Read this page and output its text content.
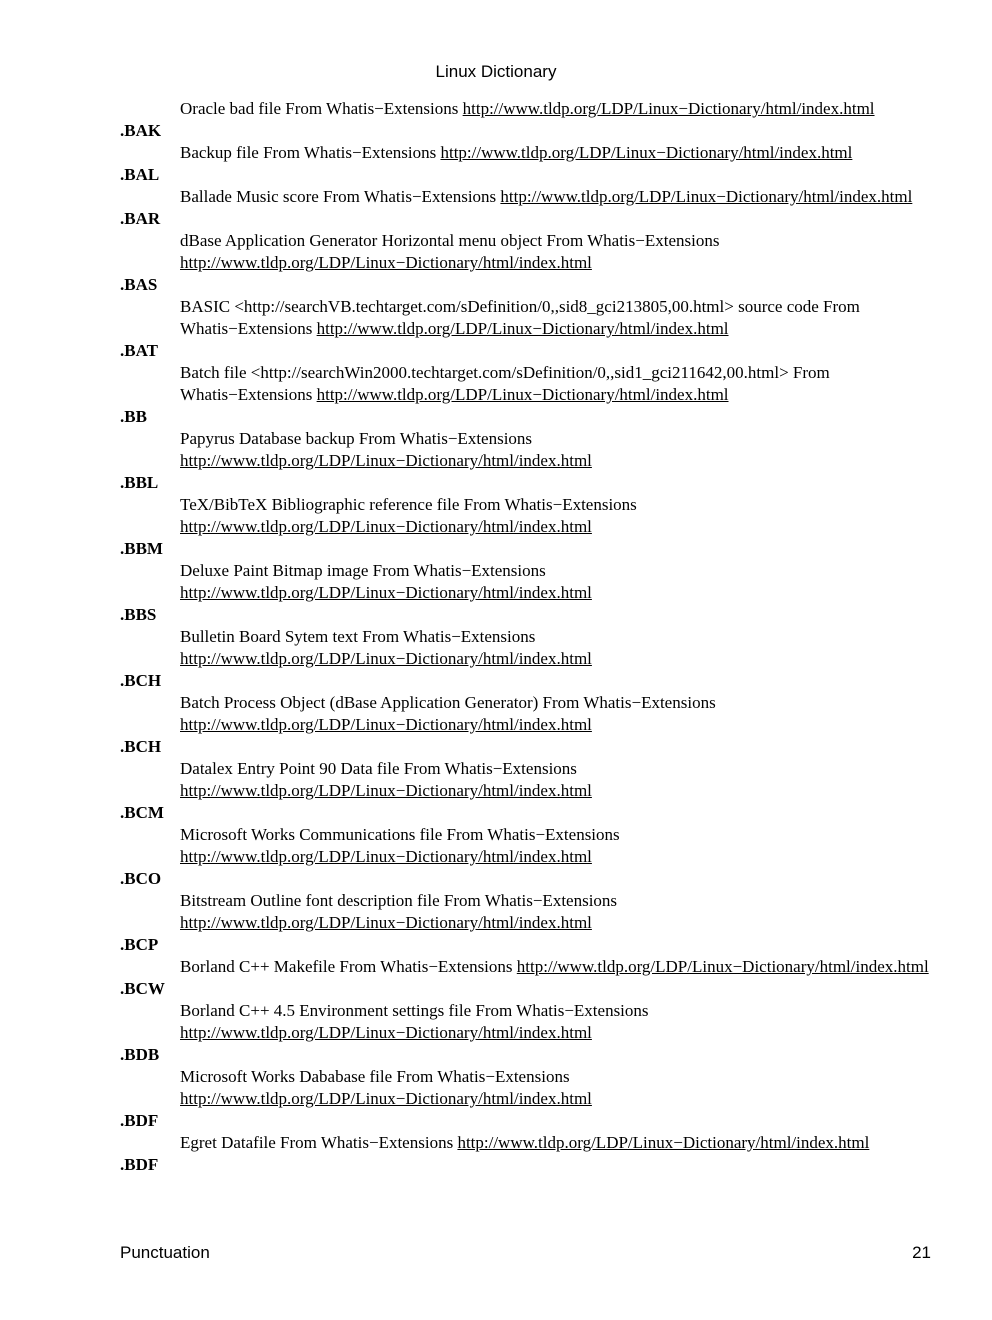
Linux Dictionary
Oracle bad file From Whatis−Extensions http://www.tldp.org/LDP/Linux−Dictionary/html/index.html
.BAK
Backup file From Whatis−Extensions http://www.tldp.org/LDP/Linux−Dictionary/html/index.html
.BAL
Ballade Music score From Whatis−Extensions http://www.tldp.org/LDP/Linux−Dictionary/html/index.html
.BAR
dBase Application Generator Horizontal menu object From Whatis−Extensions http://www.tldp.org/LDP/Linux−Dictionary/html/index.html
.BAS
BASIC <http://searchVB.techtarget.com/sDefinition/0,,sid8_gci213805,00.html> source code From Whatis−Extensions http://www.tldp.org/LDP/Linux−Dictionary/html/index.html
.BAT
Batch file <http://searchWin2000.techtarget.com/sDefinition/0,,sid1_gci211642,00.html> From Whatis−Extensions http://www.tldp.org/LDP/Linux−Dictionary/html/index.html
.BB
Papyrus Database backup From Whatis−Extensions http://www.tldp.org/LDP/Linux−Dictionary/html/index.html
.BBL
TeX/BibTeX Bibliographic reference file From Whatis−Extensions http://www.tldp.org/LDP/Linux−Dictionary/html/index.html
.BBM
Deluxe Paint Bitmap image From Whatis−Extensions http://www.tldp.org/LDP/Linux−Dictionary/html/index.html
.BBS
Bulletin Board Sytem text From Whatis−Extensions http://www.tldp.org/LDP/Linux−Dictionary/html/index.html
.BCH
Batch Process Object (dBase Application Generator) From Whatis−Extensions http://www.tldp.org/LDP/Linux−Dictionary/html/index.html
.BCH
Datalex Entry Point 90 Data file From Whatis−Extensions http://www.tldp.org/LDP/Linux−Dictionary/html/index.html
.BCM
Microsoft Works Communications file From Whatis−Extensions http://www.tldp.org/LDP/Linux−Dictionary/html/index.html
.BCO
Bitstream Outline font description file From Whatis−Extensions http://www.tldp.org/LDP/Linux−Dictionary/html/index.html
.BCP
Borland C++ Makefile From Whatis−Extensions http://www.tldp.org/LDP/Linux−Dictionary/html/index.html
.BCW
Borland C++ 4.5 Environment settings file From Whatis−Extensions http://www.tldp.org/LDP/Linux−Dictionary/html/index.html
.BDB
Microsoft Works Dababase file From Whatis−Extensions http://www.tldp.org/LDP/Linux−Dictionary/html/index.html
.BDF
Egret Datafile From Whatis−Extensions http://www.tldp.org/LDP/Linux−Dictionary/html/index.html
.BDF
Punctuation	21
